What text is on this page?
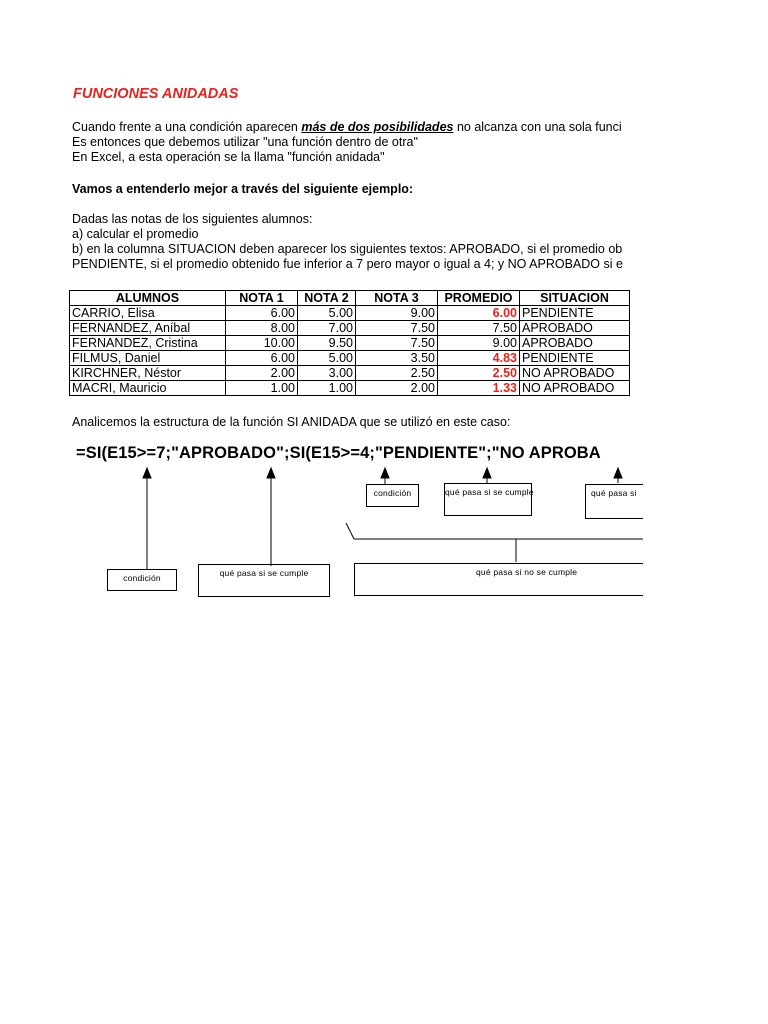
FUNCIONES ANIDADAS
Cuando frente a una condición aparecen más de dos posibilidades no alcanza con una sola funci
Es entonces que debemos utilizar "una función dentro de otra"
En Excel, a esta operación se la llama "función anidada"
Vamos a entenderlo mejor a través del siguiente ejemplo:
Dadas las notas de los siguientes alumnos:
a) calcular el promedio
b) en la columna SITUACION deben aparecer los siguientes textos: APROBADO, si el promedio ob
PENDIENTE, si el promedio obtenido fue inferior a 7 pero mayor o igual a 4; y NO APROBADO si e
ALUMNOS	NOTA 1	NOTA 2	NOTA 3	PROMEDIO	SITUACION
CARRIO, Elisa	6.00	5.00	9.00	6.00	PENDIENTE
FERNANDEZ, Aníbal	8.00	7.00	7.50	7.50	APROBADO
FERNANDEZ, Cristina	10.00	9.50	7.50	9.00	APROBADO
FILMUS, Daniel	6.00	5.00	3.50	4.83	PENDIENTE
KIRCHNER, Néstor	2.00	3.00	2.50	2.50	NO APROBADO
MACRI, Mauricio	1.00	1.00	2.00	1.33	NO APROBADO
Analicemos la estructura de la función SI ANIDADA que se utilizó en este caso:
=SI(E15>=7;"APROBADO";SI(E15>=4;"PENDIENTE";"NO APROBA
condición	qué pasa si se cumple
condición	qué pasa si se cumple	qué pasa si
qué pasa si no se cumple
